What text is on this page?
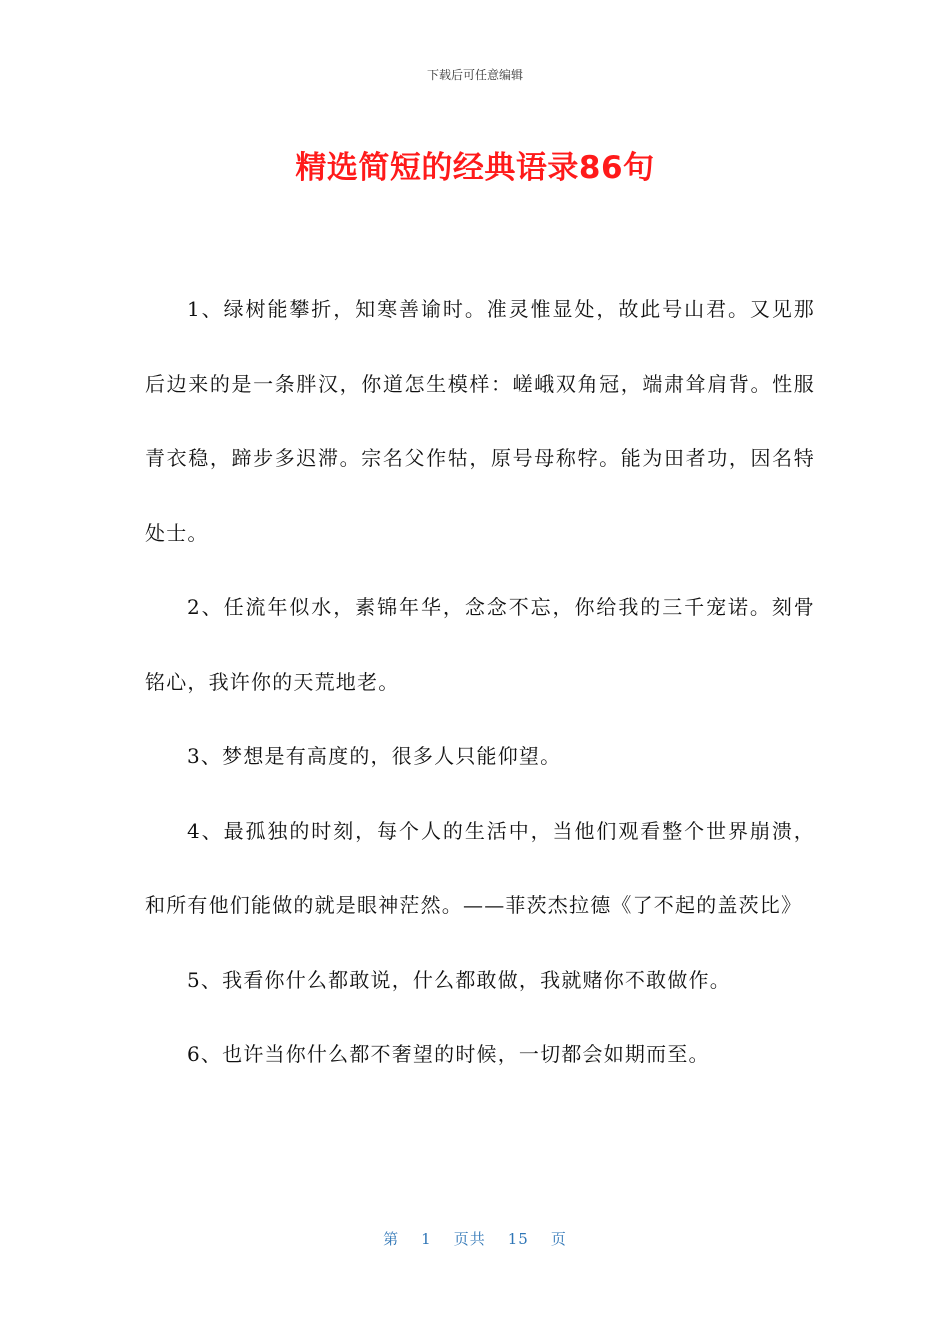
下载后可任意编辑
精选简短的经典语录86句

1、绿树能攀折，知寒善谕时。准灵惟显处，故此号山君。又见那后边来的是一条胖汉，你道怎生模样：嵯峨双角冠，端肃耸肩背。性服青衣稳，蹄步多迟滞。宗名父作牯，原号母称牸。能为田者功，因名特处士。

2、任流年似水，素锦年华，念念不忘，你给我的三千宠诺。刻骨铭心，我许你的天荒地老。

3、梦想是有高度的，很多人只能仰望。

4、最孤独的时刻，每个人的生活中，当他们观看整个世界崩溃，和所有他们能做的就是眼神茫然。——菲茨杰拉德《了不起的盖茨比》

5、我看你什么都敢说，什么都敢做，我就赌你不敢做作。

6、也许当你什么都不奢望的时候，一切都会如期而至。

第 1 页共 15 页
